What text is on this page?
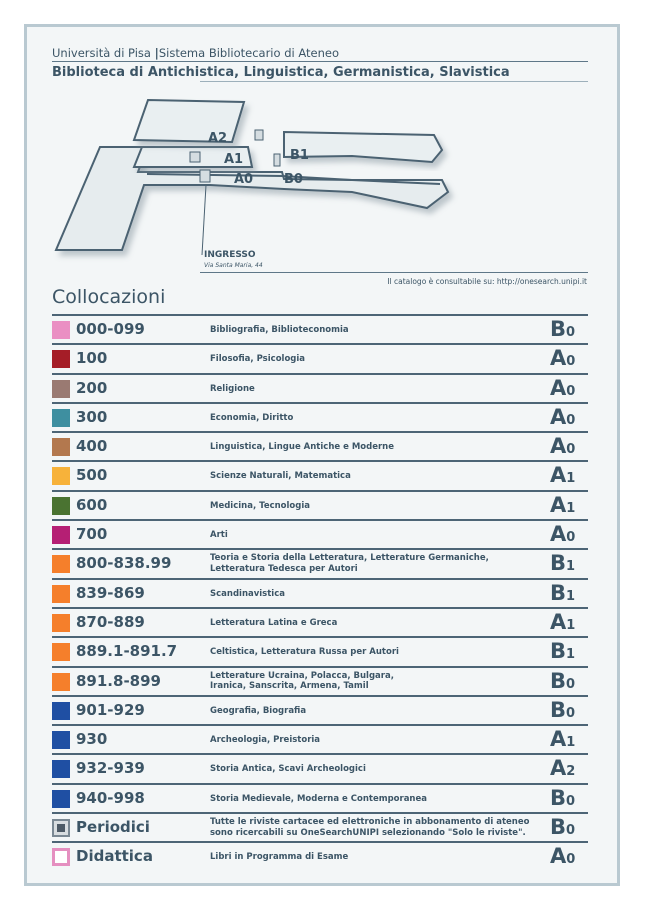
Università di Pisa |Sistema Bibliotecario di Ateneo
Biblioteca di Antichistica, Linguistica, Germanistica, Slavistica
A2
A1
A0
B1
B0
INGRESSO
Via Santa Maria, 44
Il catalogo è consultabile su: http://onesearch.unipi.it
Collocazioni
000-099	Bibliografia, Biblioteconomia	B0
100	Filosofia, Psicologia	A0
200	Religione	A0
300	Economia, Diritto	A0
400	Linguistica, Lingue Antiche e Moderne	A0
500	Scienze Naturali, Matematica	A1
600	Medicina, Tecnologia	A1
700	Arti	A0
800-838.99	Teoria e Storia della Letteratura, Letterature Germaniche,
Letteratura Tedesca per Autori	B1
839-869	Scandinavistica	B1
870-889	Letteratura Latina e Greca	A1
889.1-891.7	Celtistica, Letteratura Russa per Autori	B1
891.8-899	Letterature Ucraina, Polacca, Bulgara,
Iranica, Sanscrita, Armena, Tamil	B0
901-929	Geografia, Biografia	B0
930	Archeologia, Preistoria	A1
932-939	Storia Antica, Scavi Archeologici	A2
940-998	Storia Medievale, Moderna e Contemporanea	B0
Periodici	Tutte le riviste cartacee ed elettroniche in abbonamento di ateneo
sono ricercabili su OneSearchUNIPI selezionando "Solo le riviste". B0
Didattica	Libri in Programma di Esame	A0
